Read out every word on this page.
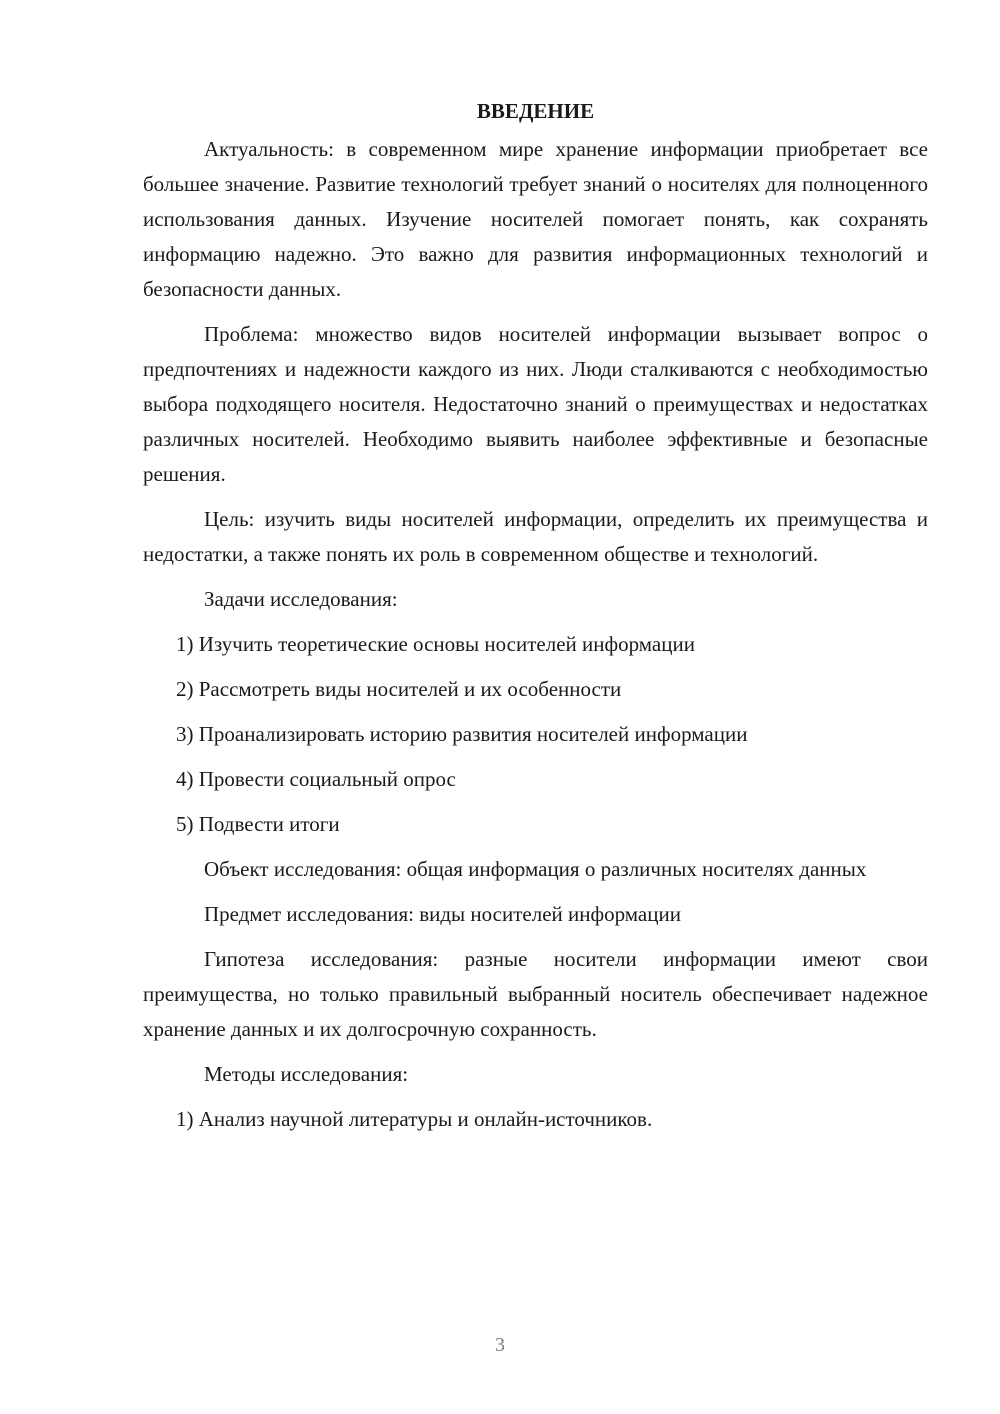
ВВЕДЕНИЕ

Актуальность: в современном мире хранение информации приобретает все большее значение. Развитие технологий требует знаний о носителях для полноценного использования данных. Изучение носителей помогает понять, как сохранять информацию надежно. Это важно для развития информационных технологий и безопасности данных.

Проблема: множество видов носителей информации вызывает вопрос о предпочтениях и надежности каждого из них. Люди сталкиваются с необходимостью выбора подходящего носителя. Недостаточно знаний о преимуществах и недостатках различных носителей. Необходимо выявить наиболее эффективные и безопасные решения.

Цель: изучить виды носителей информации, определить их преимущества и недостатки, а также понять их роль в современном обществе и технологий.

Задачи исследования:

1) Изучить теоретические основы носителей информации
2) Рассмотреть виды носителей и их особенности
3) Проанализировать историю развития носителей информации
4) Провести социальный опрос
5) Подвести итоги

Объект исследования: общая информация о различных носителях данных

Предмет исследования: виды носителей информации

Гипотеза исследования: разные носители информации имеют свои преимущества, но только правильный выбранный носитель обеспечивает надежное хранение данных и их долгосрочную сохранность.

Методы исследования:

1) Анализ научной литературы и онлайн-источников.
3
